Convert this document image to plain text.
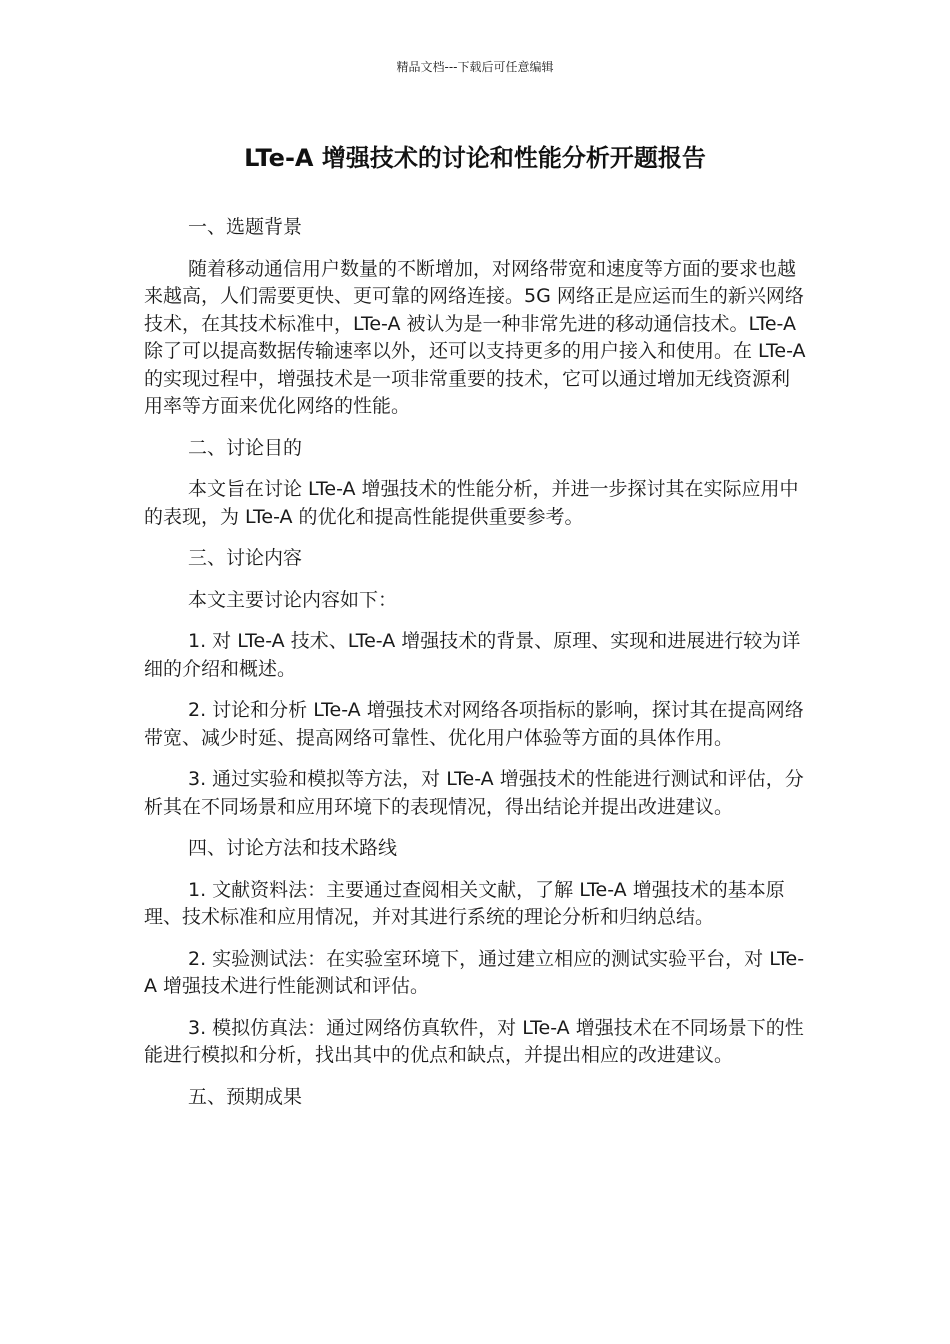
精品文档---下载后可任意编辑
LTe-A 增强技术的讨论和性能分析开题报告

一、选题背景

随着移动通信用户数量的不断增加，对网络带宽和速度等方面的要求也越来越高，人们需要更快、更可靠的网络连接。5G 网络正是应运而生的新兴网络技术，在其技术标准中，LTe-A 被认为是一种非常先进的移动通信技术。LTe-A 除了可以提高数据传输速率以外，还可以支持更多的用户接入和使用。在 LTe-A 的实现过程中，增强技术是一项非常重要的技术，它可以通过增加无线资源利用率等方面来优化网络的性能。

二、讨论目的

本文旨在讨论 LTe-A 增强技术的性能分析，并进一步探讨其在实际应用中的表现，为 LTe-A 的优化和提高性能提供重要参考。

三、讨论内容

本文主要讨论内容如下：

1. 对 LTe-A 技术、LTe-A 增强技术的背景、原理、实现和进展进行较为详细的介绍和概述。

2. 讨论和分析 LTe-A 增强技术对网络各项指标的影响，探讨其在提高网络带宽、减少时延、提高网络可靠性、优化用户体验等方面的具体作用。

3. 通过实验和模拟等方法，对 LTe-A 增强技术的性能进行测试和评估，分析其在不同场景和应用环境下的表现情况，得出结论并提出改进建议。

四、讨论方法和技术路线

1. 文献资料法：主要通过查阅相关文献，了解 LTe-A 增强技术的基本原理、技术标准和应用情况，并对其进行系统的理论分析和归纳总结。

2. 实验测试法：在实验室环境下，通过建立相应的测试实验平台，对 LTe-A 增强技术进行性能测试和评估。

3. 模拟仿真法：通过网络仿真软件，对 LTe-A 增强技术在不同场景下的性能进行模拟和分析，找出其中的优点和缺点，并提出相应的改进建议。

五、预期成果
